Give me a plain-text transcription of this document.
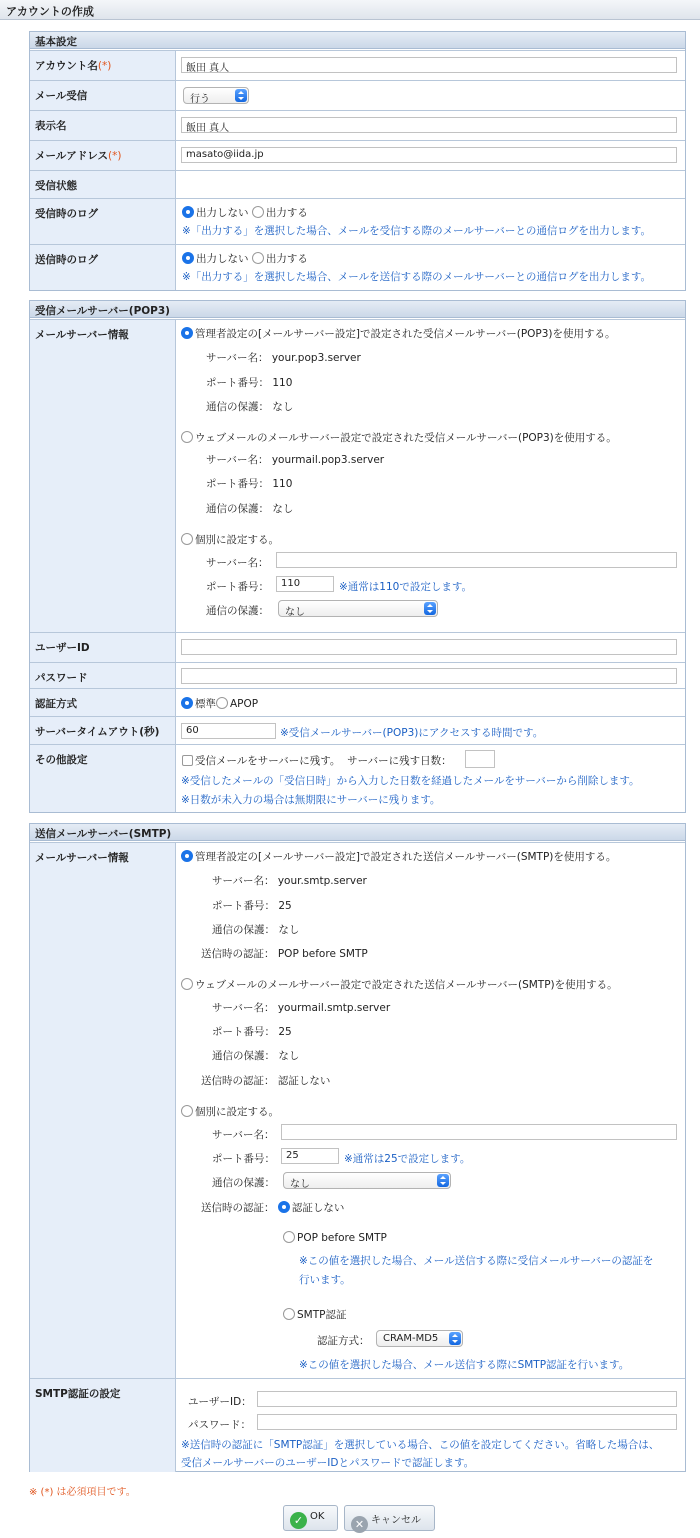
アカウントの作成
基本設定
アカウント名(*)	飯田 真人
メール受信	行う
表示名	飯田 真人
メールアドレス(*)	masato@iida.jp
受信状態
受信時のログ	出力しない 出力する
※「出力する」を選択した場合、メールを受信する際のメールサーバーとの通信ログを出力します。
送信時のログ	出力しない 出力する
※「出力する」を選択した場合、メールを送信する際のメールサーバーとの通信ログを出力します。
受信メールサーバー(POP3)
メールサーバー情報	管理者設定の[メールサーバー設定]で設定された受信メールサーバー(POP3)を使用する。
サーバー名： your.pop3.server
ポート番号： 110
通信の保護： なし
ウェブメールのメールサーバー設定で設定された受信メールサーバー(POP3)を使用する。
サーバー名： yourmail.pop3.server
ポート番号： 110
通信の保護： なし
個別に設定する。
サーバー名：
ポート番号：	110	※通常は110で設定します。
通信の保護：	なし
ユーザーID
パスワード
認証方式	標準 APOP
サーバータイムアウト(秒)	60	※受信メールサーバー(POP3)にアクセスする時間です。
その他設定	受信メールをサーバーに残す。 サーバーに残す日数：
※受信したメールの「受信日時」から入力した日数を経過したメールをサーバーから削除します。
※日数が未入力の場合は無期限にサーバーに残ります。
送信メールサーバー(SMTP)
メールサーバー情報	管理者設定の[メールサーバー設定]で設定された送信メールサーバー(SMTP)を使用する。
サーバー名： your.smtp.server
ポート番号： 25
通信の保護： なし
送信時の認証： POP before SMTP
ウェブメールのメールサーバー設定で設定された送信メールサーバー(SMTP)を使用する。
サーバー名： yourmail.smtp.server
ポート番号： 25
通信の保護： なし
送信時の認証： 認証しない
個別に設定する。
サーバー名：
ポート番号：	25	※通常は25で設定します。
通信の保護：	なし
送信時の認証： 認証しない
POP before SMTP
※この値を選択した場合、メール送信する際に受信メールサーバーの認証を
行います。
SMTP認証
認証方式：	CRAM-MD5
※この値を選択した場合、メール送信する際にSMTP認証を行います。
SMTP認証の設定
ユーザーID：
パスワード：
※送信時の認証に「SMTP認証」を選択している場合、この値を設定してください。省略した場合は、
受信メールサーバーのユーザーIDとパスワードで認証します。
※ (*) は必須項目です。
✓ OK
✕ キャンセル
